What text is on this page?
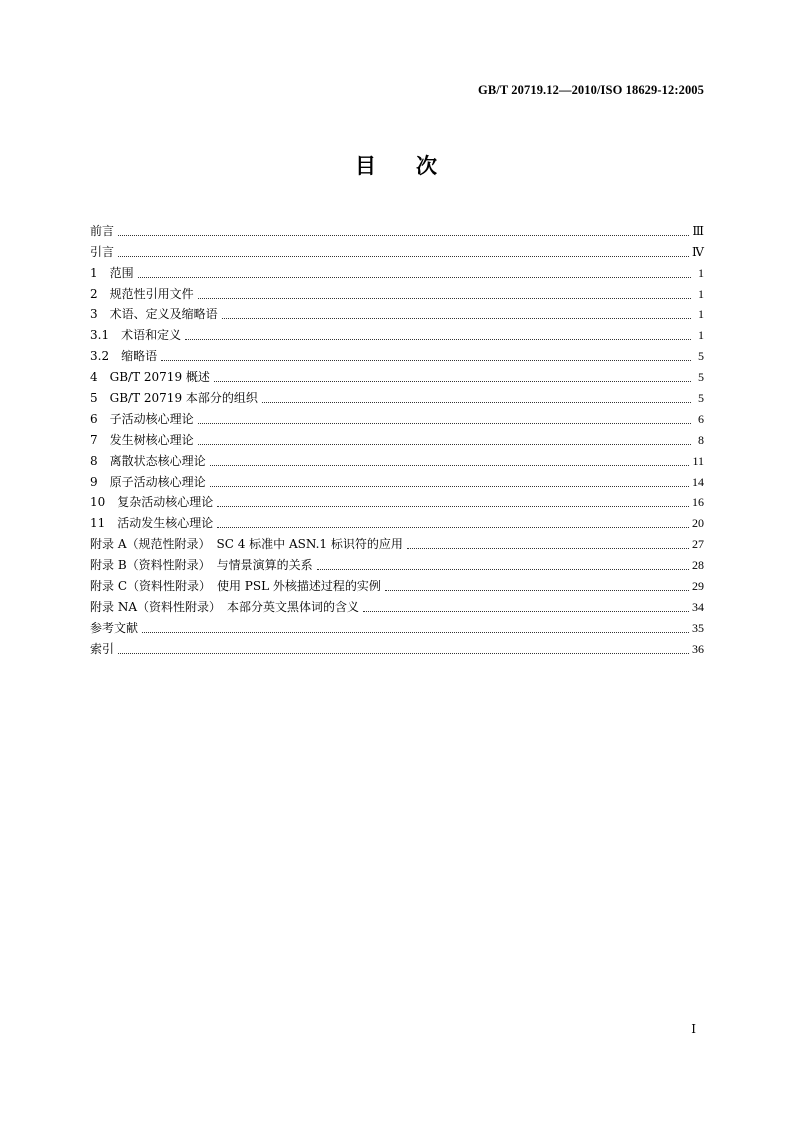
GB/T 20719.12—2010/ISO 18629-12:2005
目 次
前言	Ⅲ
引言	Ⅳ
1　范围	1
2　规范性引用文件	1
3　术语、定义及缩略语	1
3.1　术语和定义	1
3.2　缩略语	5
4　GB/T 20719 概述	5
5　GB/T 20719 本部分的组织	5
6　子活动核心理论	6
7　发生树核心理论	8
8　离散状态核心理论	11
9　原子活动核心理论	14
10　复杂活动核心理论	16
11　活动发生核心理论	20
附录 A（规范性附录）　SC 4 标准中 ASN.1 标识符的应用	27
附录 B（资料性附录）　与情景演算的关系	28
附录 C（资料性附录）　使用 PSL 外核描述过程的实例	29
附录 NA（资料性附录）　本部分英文黑体词的含义	34
参考文献	35
索引	36
Ⅰ
